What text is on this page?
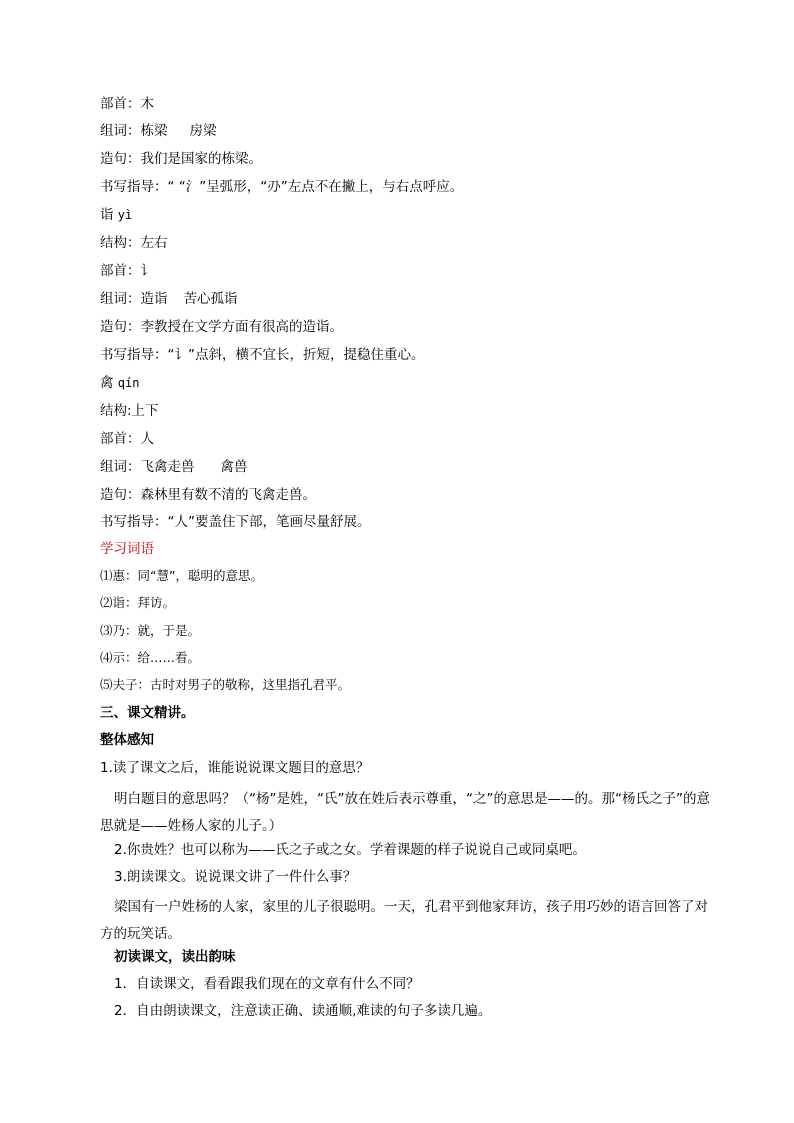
部首：木

组词：栋梁 房梁

造句：我们是国家的栋梁。

书写指导：“ “氵”呈弧形，“刅”左点不在撇上，与右点呼应。

诣 yì

结构：左右

部首：讠

组词：造诣 苦心孤诣

造句：李教授在文学方面有很高的造诣。

书写指导：“讠”点斜，横不宜长，折短，提稳住重心。

禽 qín

结构:上下

部首：人

组词：飞禽走兽 禽兽

造句：森林里有数不清的飞禽走兽。

书写指导：“人”要盖住下部，笔画尽量舒展。

学习词语

⑴惠：同“慧”，聪明的意思。

⑵诣：拜访。

⑶乃：就，于是。

⑷示：给……看。

⑸夫子：古时对男子的敬称，这里指孔君平。

三、课文精讲。

整体感知

1.读了课文之后，谁能说说课文题目的意思？

明白题目的意思吗？（“杨”是姓，“氏”放在姓后表示尊重，“之”的意思是——的。那“杨氏之子”的意思就是——姓杨人家的儿子。）

2.你贵姓？也可以称为——氏之子或之女。学着课题的样子说说自己或同桌吧。

3.朗读课文。说说课文讲了一件什么事？

梁国有一户姓杨的人家，家里的儿子很聪明。一天，孔君平到他家拜访，孩子用巧妙的语言回答了对方的玩笑话。

初读课文，读出韵味

1．自读课文，看看跟我们现在的文章有什么不同？

2．自由朗读课文，注意读正确、读通顺,难读的句子多读几遍。
